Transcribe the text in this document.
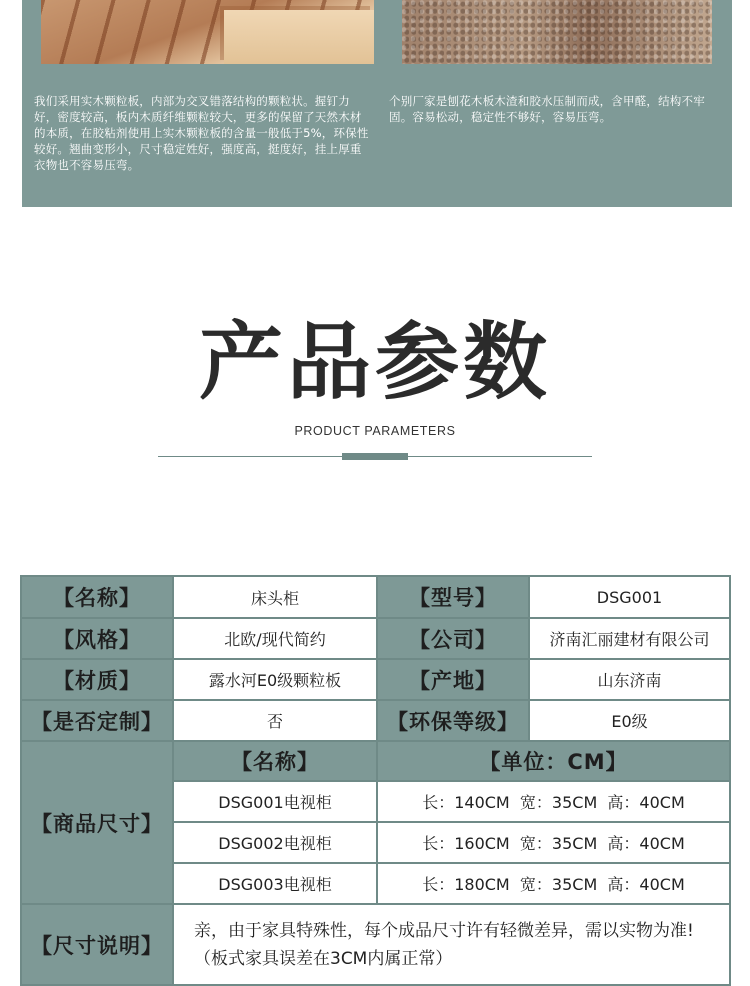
我们采用实木颗粒板，内部为交叉错落结构的颗粒状。握钉力好，密度较高，板内木质纤维颗粒较大，更多的保留了天然木材的本质，在胶粘剂使用上实木颗粒板的含量一般低于5%，环保性较好。翘曲变形小，尺寸稳定姓好，强度高，挺度好，挂上厚重衣物也不容易压弯。

个别厂家是刨花木板木渣和胶水压制而成，含甲醛，结构不牢固。容易松动，稳定性不够好，容易压弯。

产品参数
PRODUCT PARAMETERS
【名称】	床头柜	【型号】	DSG001
【风格】	北欧/现代简约	【公司】	济南汇丽建材有限公司
【材质】	露水河E0级颗粒板	【产地】	山东济南
【是否定制】	否	【环保等级】	E0级
【商品尺寸】
【名称】	【单位：CM】
DSG001电视柜	长：140CM  宽：35CM  高：40CM
DSG002电视柜	长：160CM  宽：35CM  高：40CM
DSG003电视柜	长：180CM  宽：35CM  高：40CM
【尺寸说明】
亲，由于家具特殊性，每个成品尺寸许有轻微差异，需以实物为准!（板式家具误差在3CM内属正常）
